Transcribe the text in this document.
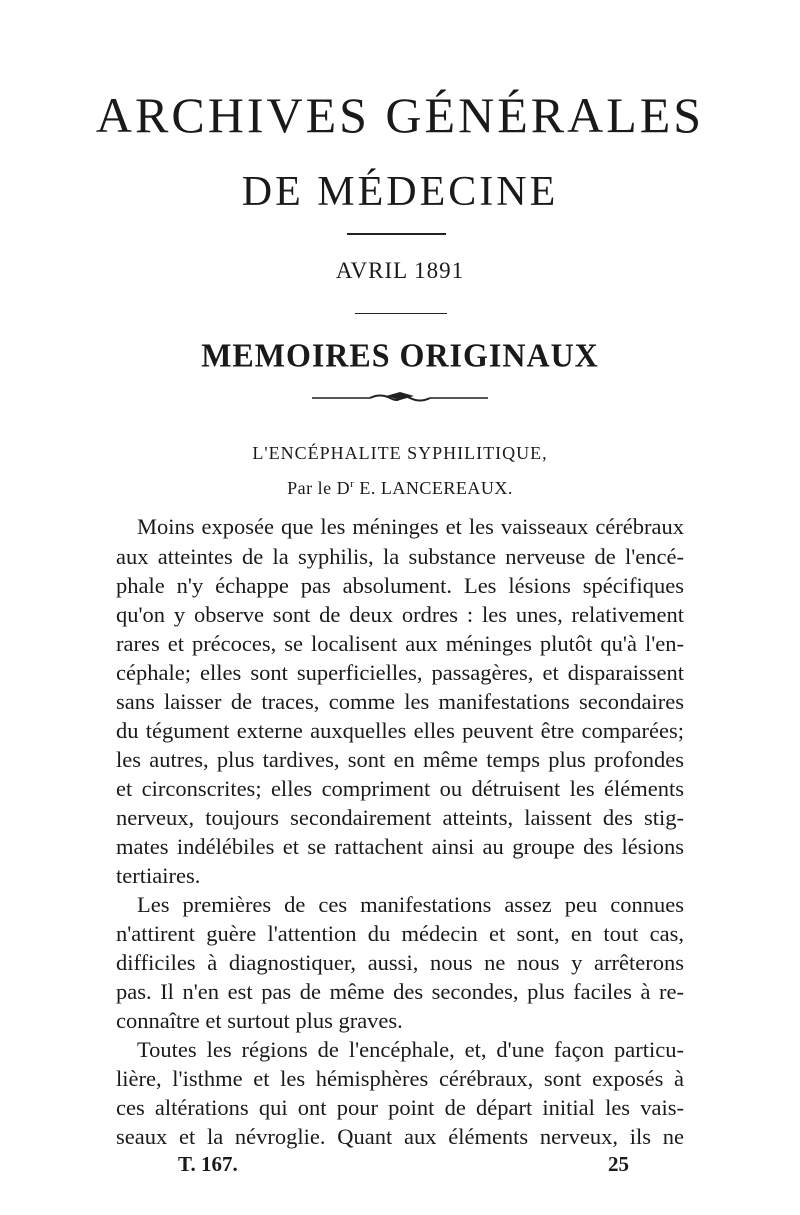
ARCHIVES GÉNÉRALES
DE MÉDECINE
AVRIL 1891
MEMOIRES ORIGINAUX
L'ENCÉPHALITE SYPHILITIQUE,
Par le $D^r$ E. LANCEREAUX.
Moins exposée que les méninges et les vaisseaux cérébraux
aux atteintes de la syphilis, la substance nerveuse de l'encé-
phale n'y échappe pas absolument. Les lésions spécifiques
qu'on y observe sont de deux ordres : les unes, relativement
rares et précoces, se localisent aux méninges plutôt qu'à l'en-
céphale; elles sont superficielles, passagères, et disparaissent
sans laisser de traces, comme les manifestations secondaires
du tégument externe auxquelles elles peuvent être comparées;
les autres, plus tardives, sont en même temps plus profondes
et circonscrites; elles compriment ou détruisent les éléments
nerveux, toujours secondairement atteints, laissent des stig-
mates indélébiles et se rattachent ainsi au groupe des lésions
tertiaires.
Les premières de ces manifestations assez peu connues
n'attirent guère l'attention du médecin et sont, en tout cas,
difficiles à diagnostiquer, aussi, nous ne nous y arrêterons
pas. Il n'en est pas de même des secondes, plus faciles à re-
connaître et surtout plus graves.
Toutes les régions de l'encéphale, et, d'une façon particu-
lière, l'isthme et les hémisphères cérébraux, sont exposés à
ces altérations qui ont pour point de départ initial les vais-
seaux et la névroglie. Quant aux éléments nerveux, ils ne
T. 167.	25
